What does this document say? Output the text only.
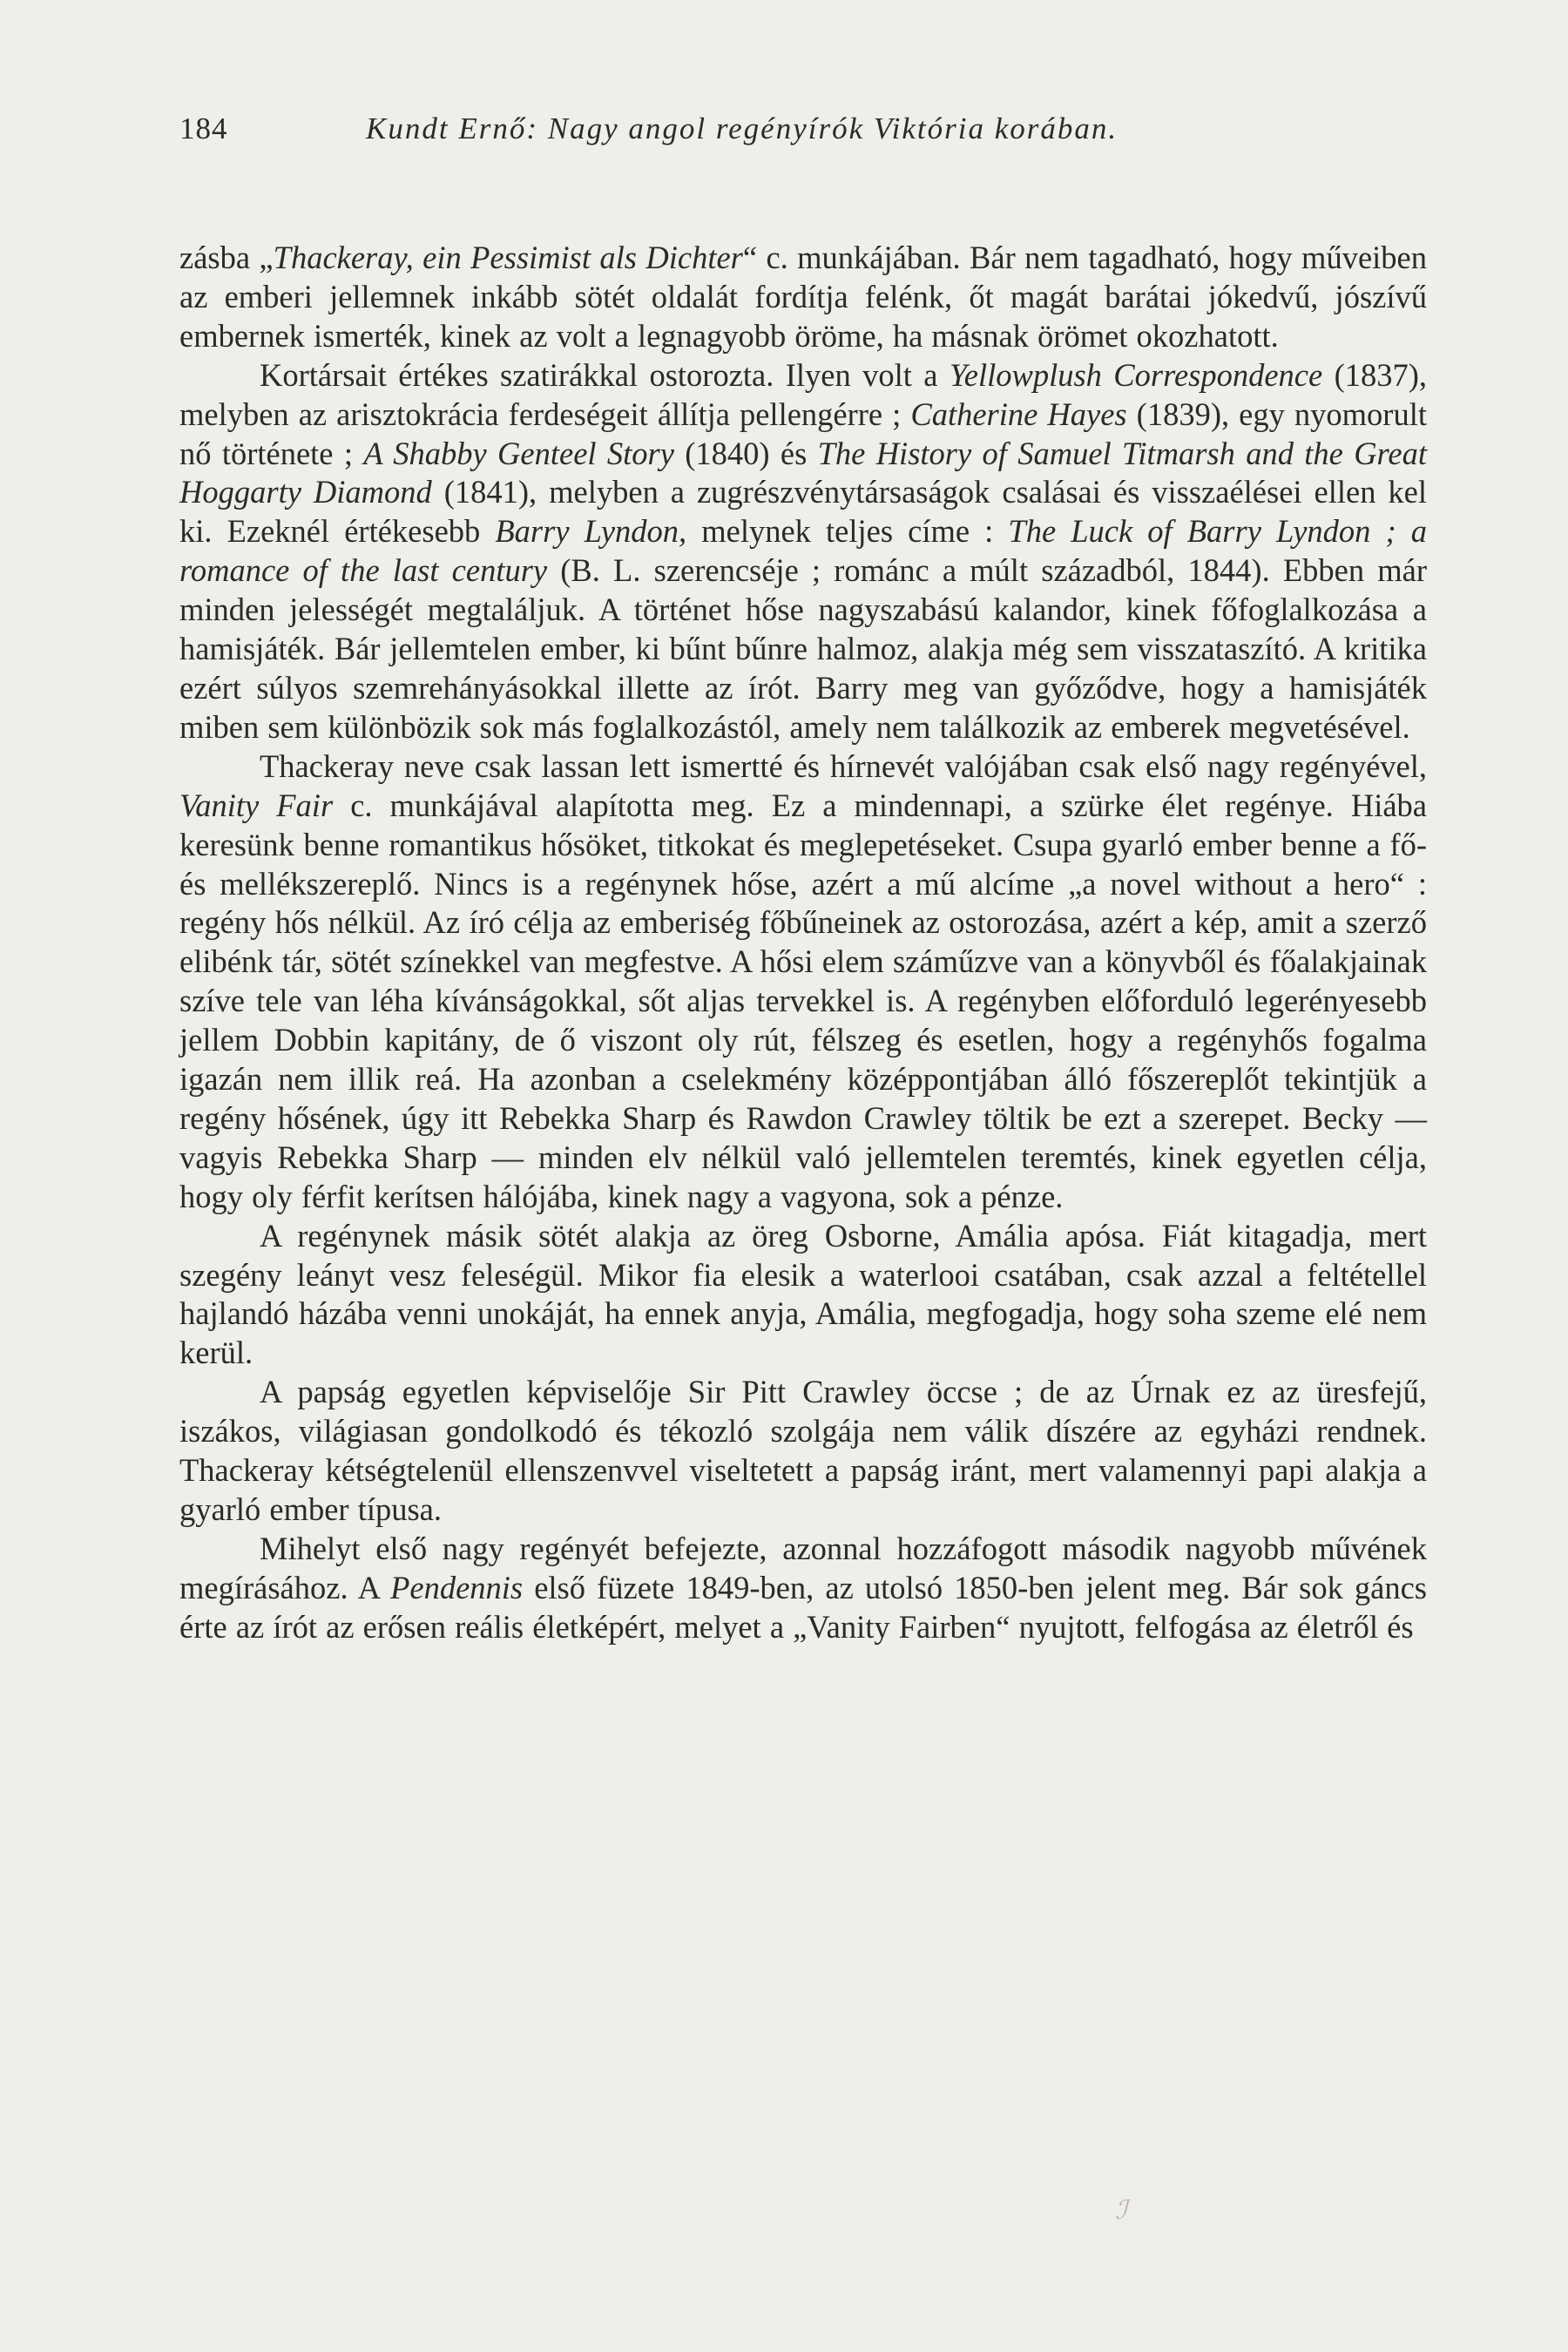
184	Kundt Ernő: Nagy angol regényírók Viktória korában.

zásba „Thackeray, ein Pessimist als Dichter“ c. munkájában. Bár nem tagadható, hogy műveiben az emberi jellemnek inkább sötét oldalát fordítja felénk, őt magát barátai jókedvű, jószívű embernek ismerték, kinek az volt a legnagyobb öröme, ha másnak örömet okozhatott.

Kortársait értékes szatirákkal ostorozta. Ilyen volt a Yellowplush Correspondence (1837), melyben az arisztokrácia ferdeségeit állítja pellengérre ; Catherine Hayes (1839), egy nyomorult nő története ; A Shabby Genteel Story (1840) és The History of Samuel Titmarsh and the Great Hoggarty Diamond (1841), melyben a zugrészvénytársaságok csalásai és visszaélései ellen kel ki. Ezeknél értékesebb Barry Lyndon, melynek teljes címe : The Luck of Barry Lyndon ; a romance of the last century (B. L. szerencséje ; románc a múlt századból, 1844). Ebben már minden jelességét megtaláljuk. A történet hőse nagyszabású kalandor, kinek főfoglalkozása a hamisjáték. Bár jellemtelen ember, ki bűnt bűnre halmoz, alakja még sem visszataszító. A kritika ezért súlyos szemrehányásokkal illette az írót. Barry meg van győződve, hogy a hamisjáték miben sem különbözik sok más foglalkozástól, amely nem találkozik az emberek megvetésével.

Thackeray neve csak lassan lett ismertté és hírnevét valójában csak első nagy regényével, Vanity Fair c. munkájával alapította meg. Ez a mindennapi, a szürke élet regénye. Hiába keresünk benne romantikus hősöket, titkokat és meglepetéseket. Csupa gyarló ember benne a fő- és mellékszereplő. Nincs is a regénynek hőse, azért a mű alcíme „a novel without a hero“ : regény hős nélkül. Az író célja az emberiség főbűneinek az ostorozása, azért a kép, amit a szerző elibénk tár, sötét színekkel van megfestve. A hősi elem száműzve van a könyvből és főalakjainak szíve tele van léha kívánságokkal, sőt aljas tervekkel is. A regényben előforduló legerényesebb jellem Dobbin kapitány, de ő viszont oly rút, félszeg és esetlen, hogy a regényhős fogalma igazán nem illik reá. Ha azonban a cselekmény középpontjában álló főszereplőt tekintjük a regény hősének, úgy itt Rebekka Sharp és Rawdon Crawley töltik be ezt a szerepet. Becky — vagyis Rebekka Sharp — minden elv nélkül való jellemtelen teremtés, kinek egyetlen célja, hogy oly férfit kerítsen hálójába, kinek nagy a vagyona, sok a pénze.

A regénynek másik sötét alakja az öreg Osborne, Amália apósa. Fiát kitagadja, mert szegény leányt vesz feleségül. Mikor fia elesik a waterlooi csatában, csak azzal a feltétellel hajlandó házába venni unokáját, ha ennek anyja, Amália, megfogadja, hogy soha szeme elé nem kerül.

A papság egyetlen képviselője Sir Pitt Crawley öccse ; de az Úrnak ez az üresfejű, iszákos, világiasan gondolkodó és tékozló szolgája nem válik díszére az egyházi rendnek. Thackeray kétségtelenül ellenszenvvel viseltetett a papság iránt, mert valamennyi papi alakja a gyarló ember típusa.

Mihelyt első nagy regényét befejezte, azonnal hozzáfogott második nagyobb művének megírásához. A Pendennis első füzete 1849-ben, az utolsó 1850-ben jelent meg. Bár sok gáncs érte az írót az erősen reális életképért, melyet a „Vanity Fairben“ nyujtott, felfogása az életről és

ℐ
